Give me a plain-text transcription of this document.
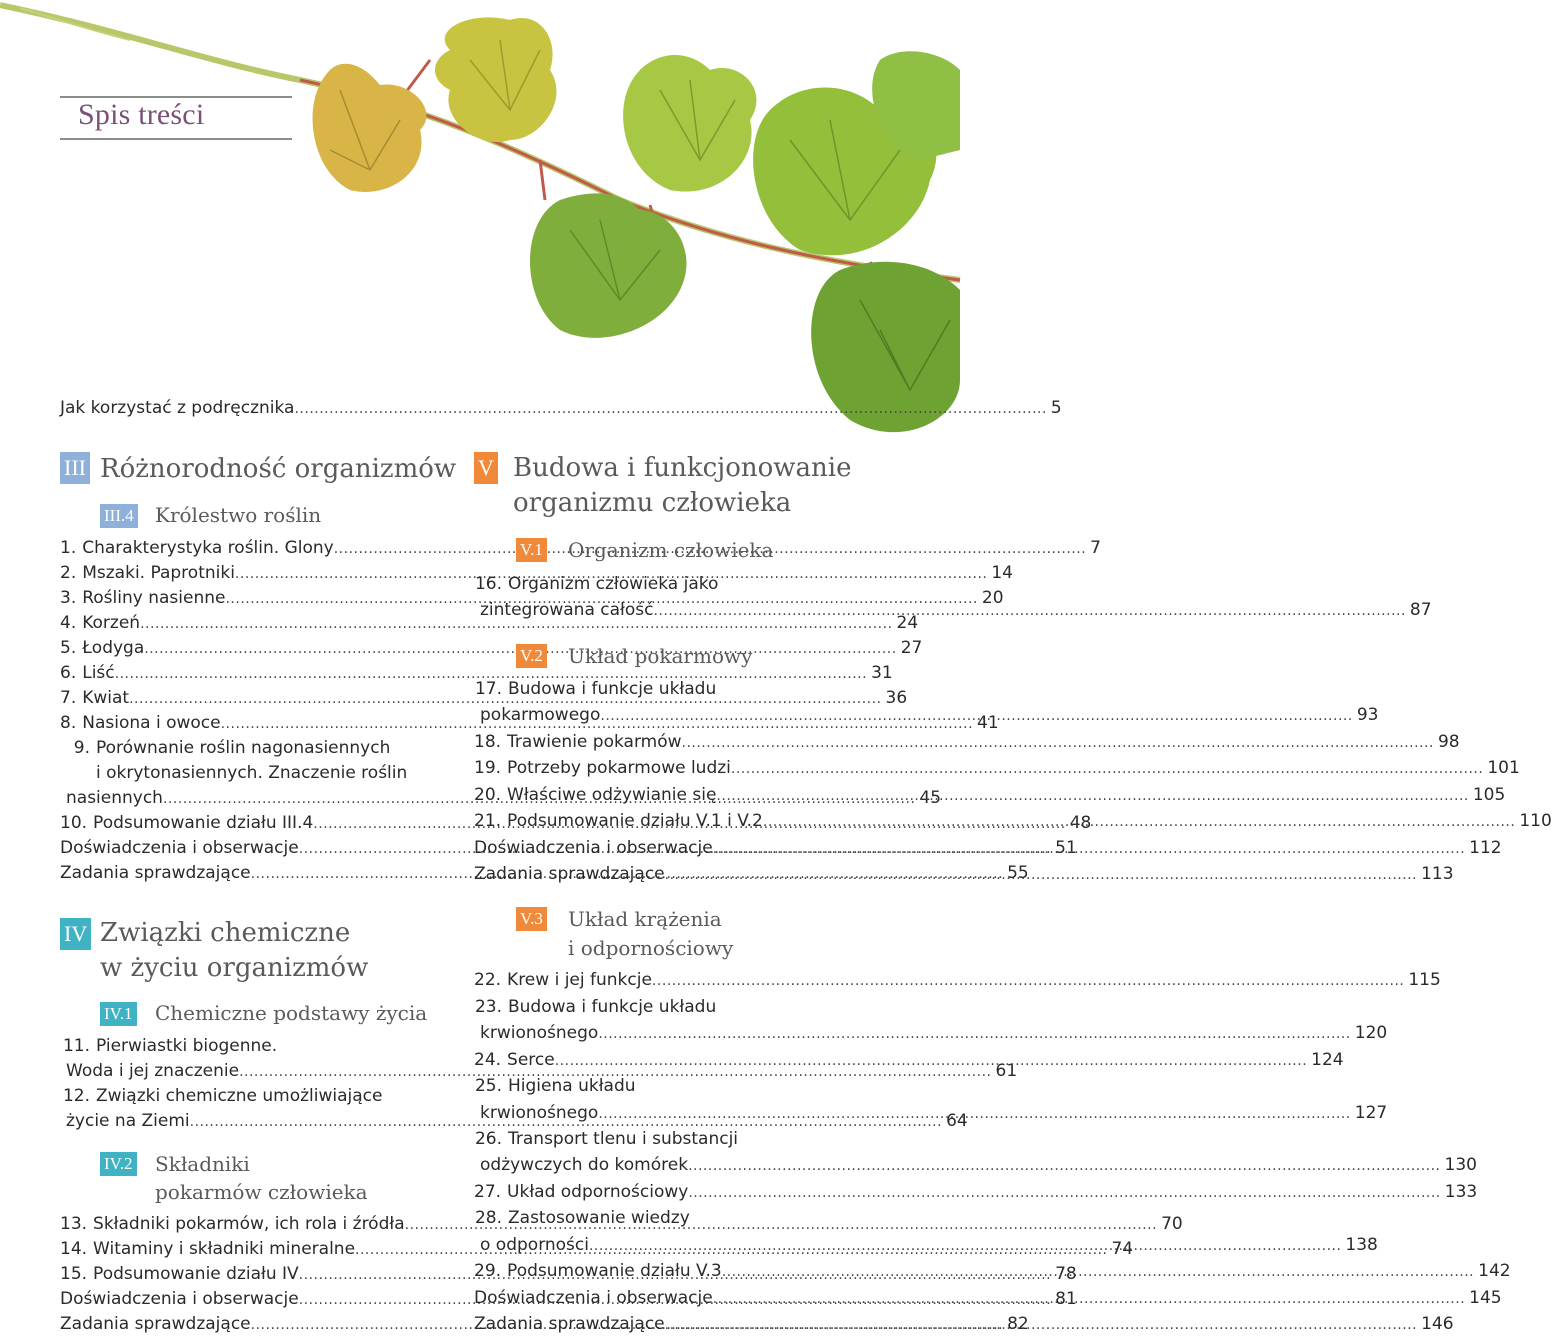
Spis treści
Jak korzystać z podręcznika .....	5
III Różnorodność organizmów
III.4 Królestwo roślin
1. Charakterystyka roślin. Glony .....	7
2. Mszaki. Paprotniki .....	14
3. Rośliny nasienne .....	20
4. Korzeń .....	24
5. Łodyga .....	27
6. Liść .....	31
7. Kwiat .....	36
8. Nasiona i owoce .....	41
9. Porównanie roślin nagonasiennych
i okrytonasiennych. Znaczenie roślin
nasiennych .....	45
10. Podsumowanie działu III.4 .....	48
Doświadczenia i obserwacje .....	51
Zadania sprawdzające .....	55
IV Związki chemiczne
w życiu organizmów
IV.1 Chemiczne podstawy życia
11. Pierwiastki biogenne.
Woda i jej znaczenie .....	61
12. Związki chemiczne umożliwiające
życie na Ziemi .....	64
IV.2 Składniki
pokarmów człowieka
13. Składniki pokarmów, ich rola i źródła .....	70
14. Witaminy i składniki mineralne .....	74
15. Podsumowanie działu IV .....	78
Doświadczenia i obserwacje .....	81
Zadania sprawdzające .....	82
V Budowa i funkcjonowanie
organizmu człowieka
V.1 Organizm człowieka
16. Organizm człowieka jako
zintegrowana całość .....	87
V.2 Układ pokarmowy
17. Budowa i funkcje układu
pokarmowego .....	93
18. Trawienie pokarmów .....	98
19. Potrzeby pokarmowe ludzi .....	101
20. Właściwe odżywianie się .....	105
21. Podsumowanie działu V.1 i V.2 .....	110
Doświadczenia i obserwacje .....	112
Zadania sprawdzające .....	113
V.3 Układ krążenia
i odpornościowy
22. Krew i jej funkcje .....	115
23. Budowa i funkcje układu
krwionośnego .....	120
24. Serce .....	124
25. Higiena układu
krwionośnego .....	127
26. Transport tlenu i substancji
odżywczych do komórek .....	130
27. Układ odpornościowy .....	133
28. Zastosowanie wiedzy
o odporności .....	138
29. Podsumowanie działu V.3 .....	142
Doświadczenia i obserwacje .....	145
Zadania sprawdzające .....	146
